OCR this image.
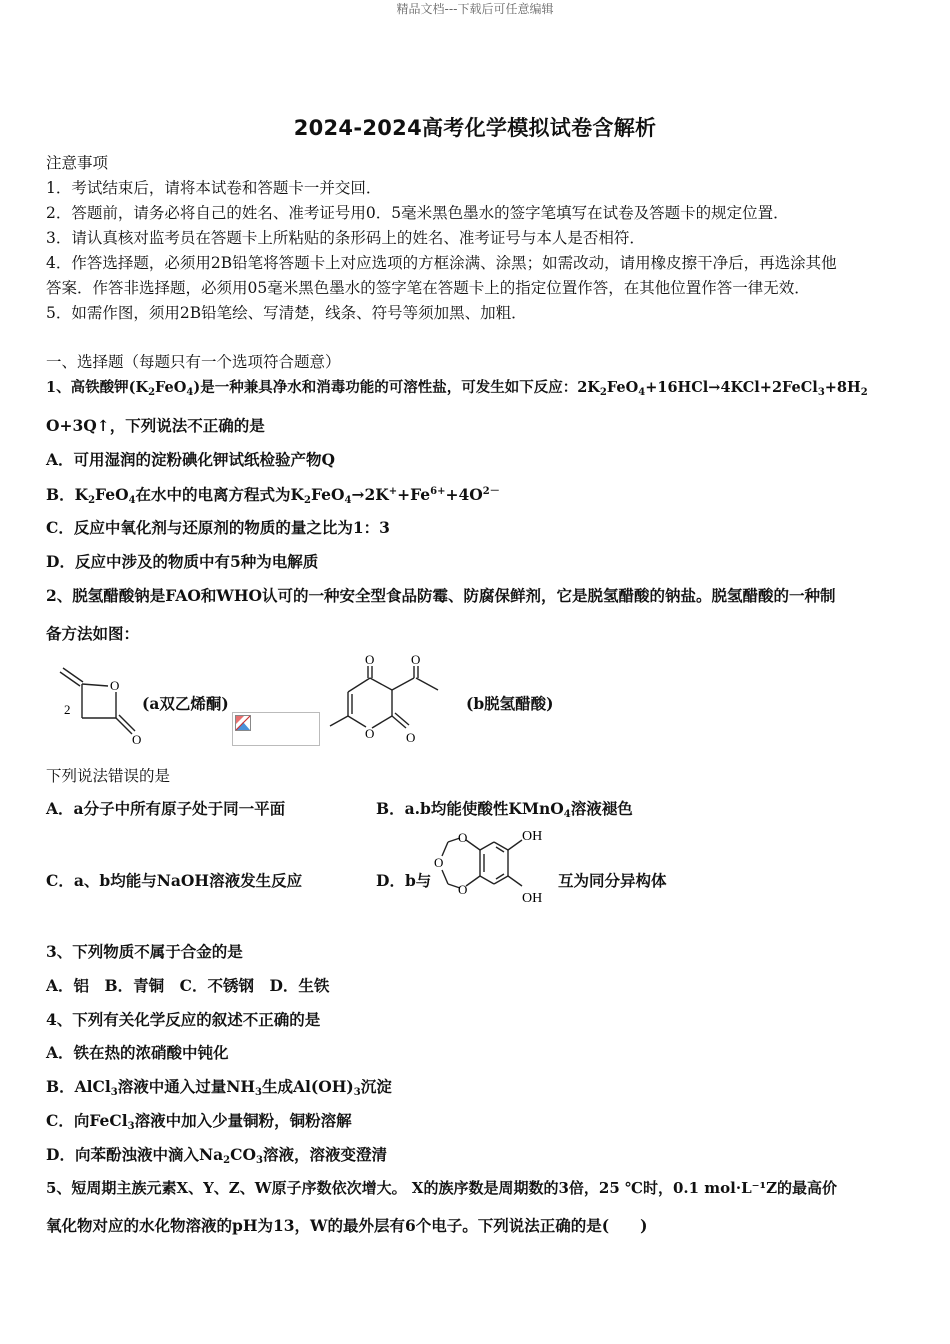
精品文档---下载后可任意编辑
2024-2024高考化学模拟试卷含解析
注意事项
1．考试结束后，请将本试卷和答题卡一并交回．
2．答题前，请务必将自己的姓名、准考证号用0．5毫米黑色墨水的签字笔填写在试卷及答题卡的规定位置．
3．请认真核对监考员在答题卡上所粘贴的条形码上的姓名、准考证号与本人是否相符．
4．作答选择题，必须用2B铅笔将答题卡上对应选项的方框涂满、涂黑；如需改动，请用橡皮擦干净后，再选涂其他
答案．作答非选择题，必须用05毫米黑色墨水的签字笔在答题卡上的指定位置作答，在其他位置作答一律无效．
5．如需作图，须用2B铅笔绘、写清楚，线条、符号等须加黑、加粗．
一、选择题（每题只有一个选项符合题意）
1、高铁酸钾$(K_2FeO_4)$是一种兼具净水和消毒功能的可溶性盐，可发生如下反应：$2K_2FeO_4+16HCl\to 4KCl+2FeCl_3+8H_2$
O+3Q↑，下列说法不正确的是
A．可用湿润的淀粉碘化钾试纸检验产物Q
B．$K_2FeO_4$在水中的电离方程式为$K_2FeO_4\to 2K^++Fe^{6+}+4O^{2-}$
C．反应中氧化剂与还原剂的物质的量之比为1：3
D．反应中涉及的物质中有5种为电解质
2、脱氢醋酸钠是FAO和WHO认可的一种安全型食品防霉、防腐保鲜剂，它是脱氢醋酸的钠盐。脱氢醋酸的一种制
备方法如图：
2
O
O
(a双乙烯酮)
O	O
O O
(b脱氢醋酸)
下列说法错误的是
A．a分子中所有原子处于同一平面	B．a.b均能使酸性KMnO$_4$溶液褪色
C．a、b均能与NaOH溶液发生反应	D．b与
O
O
O
OH
OH
互为同分异构体
3、下列物质不属于合金的是
A．铝　B．青铜　C．不锈钢　D．生铁
4、下列有关化学反应的叙述不正确的是
A．铁在热的浓硝酸中钝化
B．AlCl$_3$溶液中通入过量$NH_3$生成$Al(OH)_3$沉淀
C．向FeCl$_3$溶液中加入少量铜粉，铜粉溶解
D．向苯酚浊液中滴入$Na_2CO_3$溶液，溶液变澄清
5、短周期主族元素X、Y、Z、W原子序数依次增大。 X的族序数是周期数的3倍，25 ℃时，0.1 mol·L⁻¹Z的最高价
氧化物对应的水化物溶液的pH为13，W的最外层有6个电子。下列说法正确的是(　　)
